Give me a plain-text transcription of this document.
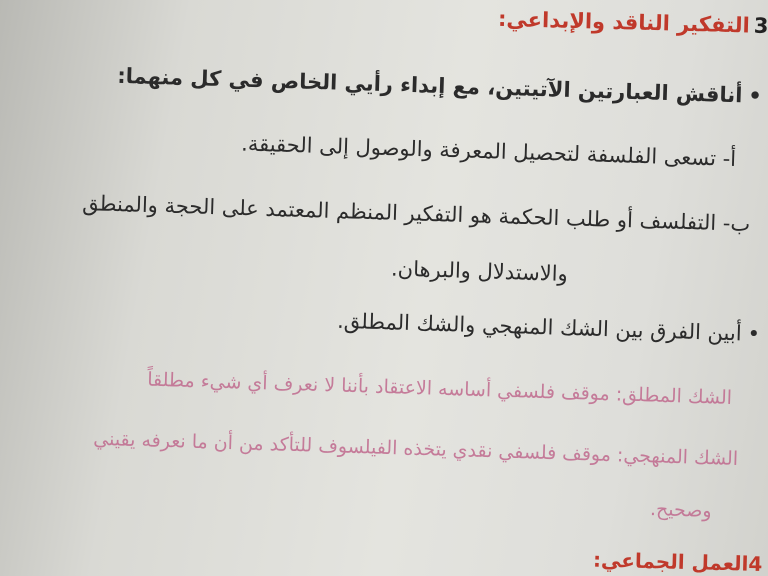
3التفكير الناقد والإبداعي:
•أناقش العبارتين الآتيتين، مع إبداء رأيي الخاص في كل منهما:
أ- تسعى الفلسفة لتحصيل المعرفة والوصول إلى الحقيقة.
ب- التفلسف أو طلب الحكمة هو التفكير المنظم المعتمد على الحجة والمنطق
والاستدلال والبرهان.
•أبين الفرق بين الشك المنهجي والشك المطلق.
الشك المطلق: موقف فلسفي أساسه الاعتقاد بأننا لا نعرف أي شيء مطلقاً
الشك المنهجي: موقف فلسفي نقدي يتخذه الفيلسوف للتأكد من أن ما نعرفه يقيني
وصحيح.
4العمل الجماعي:
